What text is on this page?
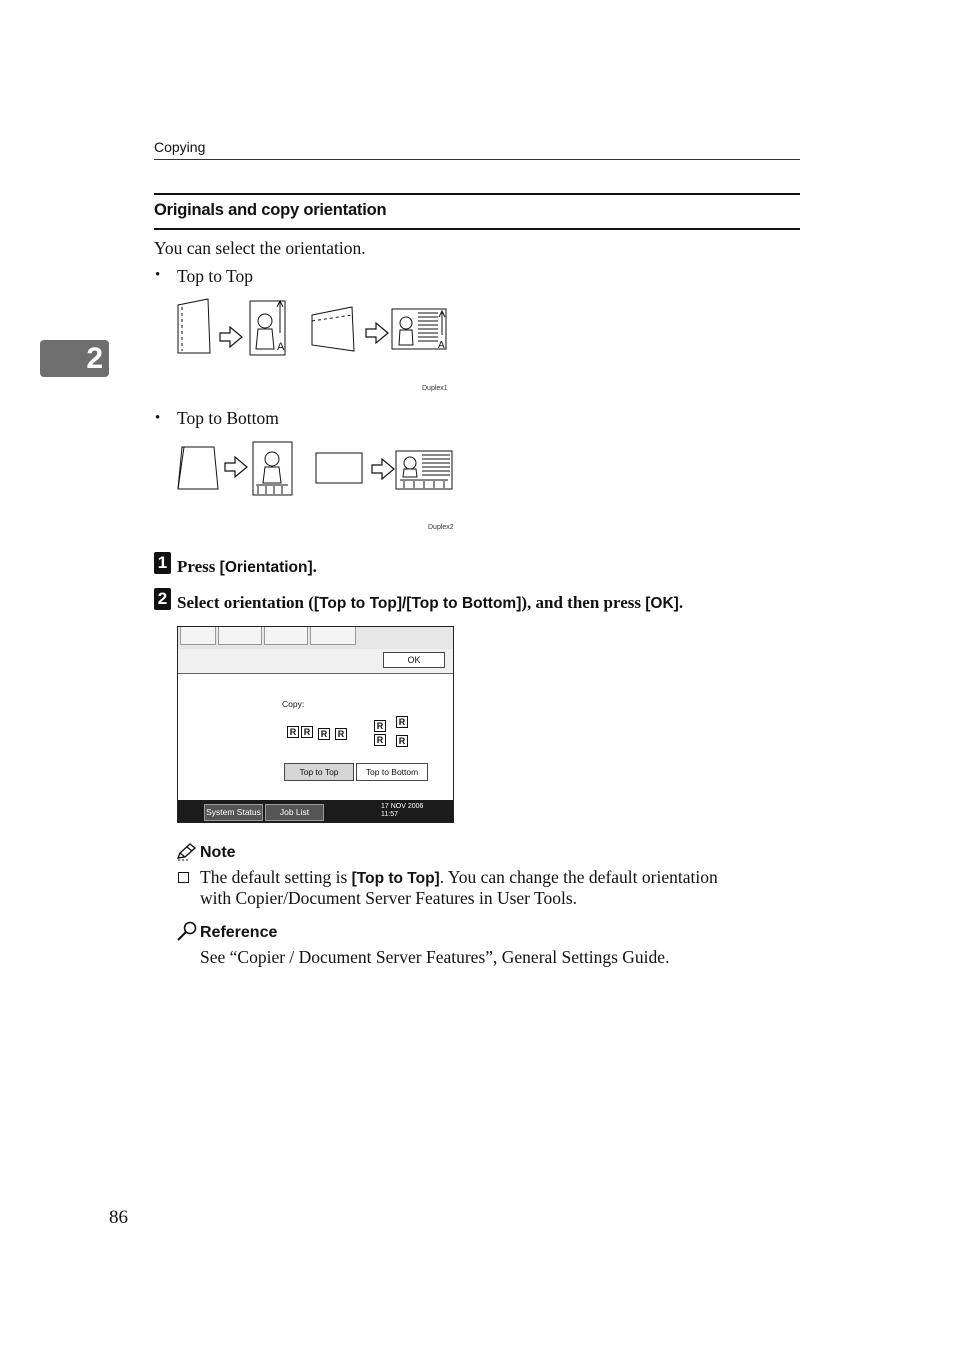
Copying
2
Originals and copy orientation
You can select the orientation.
• Top to Top
A	A
Duplex1
• Top to Bottom
Duplex2
1 Press [Orientation].
2 Select orientation ([Top to Top]/[Top to Bottom]), and then press [OK].
OK
Copy:
R R	R	R
R
R
R
R
Top to Top	Top to Bottom
System Status	Job List
17 NOV 2006
11:57
Note
The default setting is [Top to Top]. You can change the default orientation
with Copier/Document Server Features in User Tools.
Reference
See “Copier / Document Server Features”, General Settings Guide.
86
